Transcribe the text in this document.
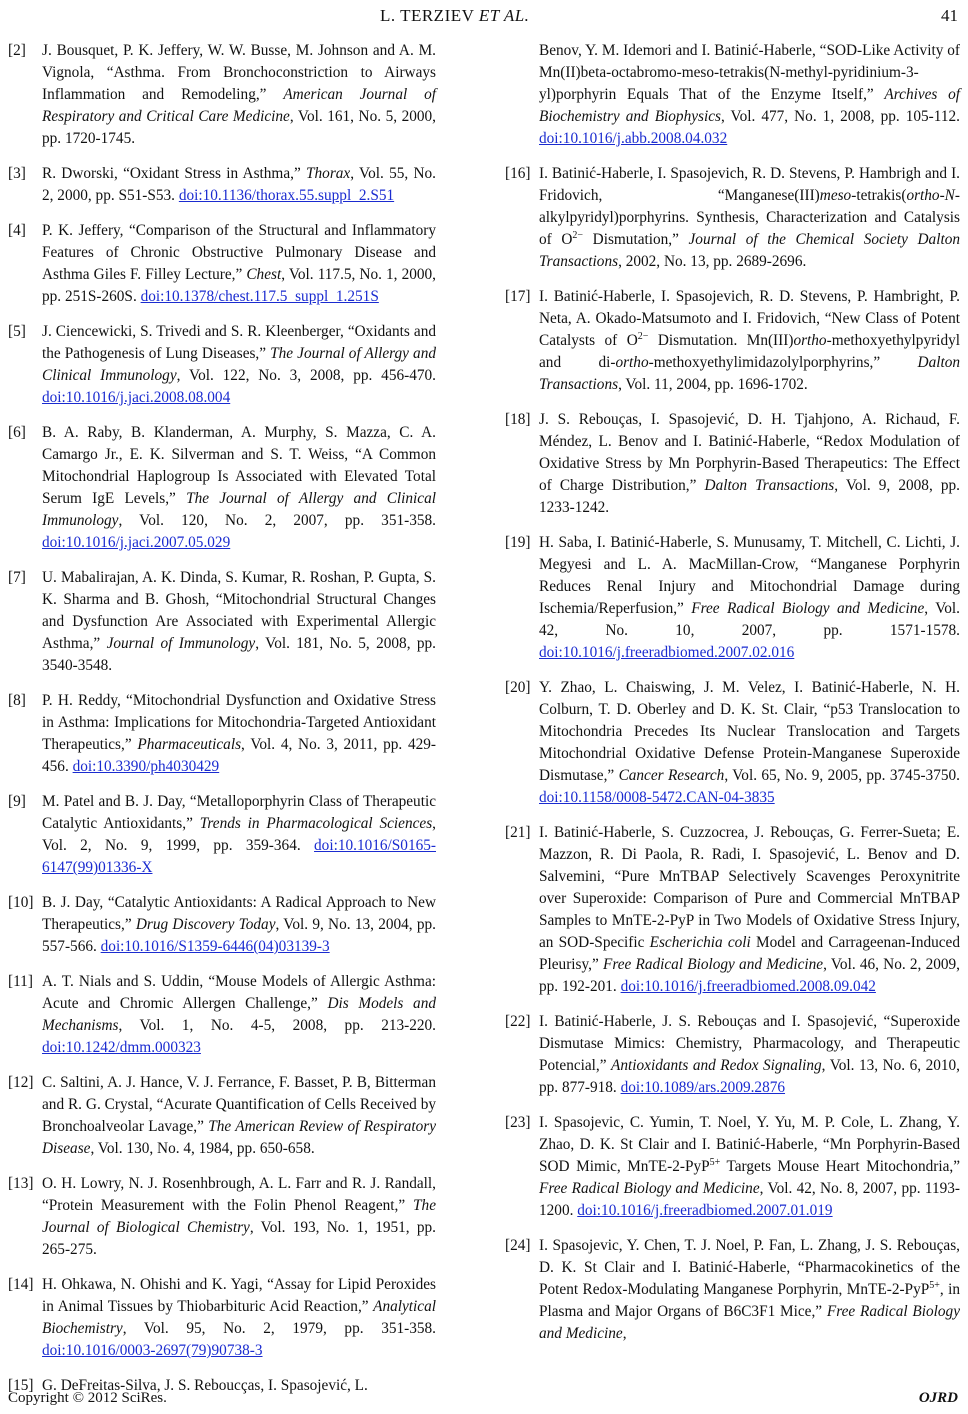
L. TERZIEV ET AL.	41
[2] J. Bousquet, P. K. Jeffery, W. W. Busse, M. Johnson and A. M. Vignola, “Asthma. From Bronchoconstriction to Airways Inflammation and Remodeling,” American Journal of Respiratory and Critical Care Medicine, Vol. 161, No. 5, 2000, pp. 1720-1745.
[3] R. Dworski, “Oxidant Stress in Asthma,” Thorax, Vol. 55, No. 2, 2000, pp. S51-S53. doi:10.1136/thorax.55.suppl_2.S51
[4] P. K. Jeffery, “Comparison of the Structural and Inflammatory Features of Chronic Obstructive Pulmonary Disease and Asthma Giles F. Filley Lecture,” Chest, Vol. 117.5, No. 1, 2000, pp. 251S-260S. doi:10.1378/chest.117.5_suppl_1.251S
[5] J. Ciencewicki, S. Trivedi and S. R. Kleenberger, “Oxidants and the Pathogenesis of Lung Diseases,” The Journal of Allergy and Clinical Immunology, Vol. 122, No. 3, 2008, pp. 456-470. doi:10.1016/j.jaci.2008.08.004
[6] B. A. Raby, B. Klanderman, A. Murphy, S. Mazza, C. A. Camargo Jr., E. K. Silverman and S. T. Weiss, “A Common Mitochondrial Haplogroup Is Associated with Elevated Total Serum IgE Levels,” The Journal of Allergy and Clinical Immunology, Vol. 120, No. 2, 2007, pp. 351-358. doi:10.1016/j.jaci.2007.05.029
[7] U. Mabalirajan, A. K. Dinda, S. Kumar, R. Roshan, P. Gupta, S. K. Sharma and B. Ghosh, “Mitochondrial Structural Changes and Dysfunction Are Associated with Experimental Allergic Asthma,” Journal of Immunology, Vol. 181, No. 5, 2008, pp. 3540-3548.
[8] P. H. Reddy, “Mitochondrial Dysfunction and Oxidative Stress in Asthma: Implications for Mitochondria-Targeted Antioxidant Therapeutics,” Pharmaceuticals, Vol. 4, No. 3, 2011, pp. 429-456. doi:10.3390/ph4030429
[9] M. Patel and B. J. Day, “Metalloporphyrin Class of Therapeutic Catalytic Antioxidants,” Trends in Pharmacological Sciences, Vol. 2, No. 9, 1999, pp. 359-364. doi:10.1016/S0165-6147(99)01336-X
[10] B. J. Day, “Catalytic Antioxidants: A Radical Approach to New Therapeutics,” Drug Discovery Today, Vol. 9, No. 13, 2004, pp. 557-566. doi:10.1016/S1359-6446(04)03139-3
[11] A. T. Nials and S. Uddin, “Mouse Models of Allergic Asthma: Acute and Chromic Allergen Challenge,” Dis Models and Mechanisms, Vol. 1, No. 4-5, 2008, pp. 213-220. doi:10.1242/dmm.000323
[12] C. Saltini, A. J. Hance, V. J. Ferrance, F. Basset, P. B, Bitterman and R. G. Crystal, “Acurate Quantification of Cells Received by Bronchoalveolar Lavage,” The American Review of Respiratory Disease, Vol. 130, No. 4, 1984, pp. 650-658.
[13] O. H. Lowry, N. J. Rosenhbrough, A. L. Farr and R. J. Randall, “Protein Measurement with the Folin Phenol Reagent,” The Journal of Biological Chemistry, Vol. 193, No. 1, 1951, pp. 265-275.
[14] H. Ohkawa, N. Ohishi and K. Yagi, “Assay for Lipid Peroxides in Animal Tissues by Thiobarbituric Acid Reaction,” Analytical Biochemistry, Vol. 95, No. 2, 1979, pp. 351-358. doi:10.1016/0003-2697(79)90738-3
[15] G. DeFreitas-Silva, J. S. Reboucças, I. Spasojević, L.
Benov, Y. M. Idemori and I. Batinić-Haberle, “SOD-Like Activity of Mn(II)beta-octabromo-meso-tetrakis(N-methyl-pyridinium-3-yl)porphyrin Equals That of the Enzyme Itself,” Archives of Biochemistry and Biophysics, Vol. 477, No. 1, 2008, pp. 105-112. doi:10.1016/j.abb.2008.04.032
[16] I. Batinić-Haberle, I. Spasojevich, R. D. Stevens, P. Hambrigh and I. Fridovich, “Manganese(III)meso-tetrakis(ortho-N-alkylpyridyl)porphyrins. Synthesis, Characterization and Catalysis of $O^{2-}$ Dismutation,” Journal of the Chemical Society Dalton Transactions, 2002, No. 13, pp. 2689-2696.
[17] I. Batinić-Haberle, I. Spasojevich, R. D. Stevens, P. Hambright, P. Neta, A. Okado-Matsumoto and I. Fridovich, “New Class of Potent Catalysts of $O^{2-}$ Dismutation. Mn(III)ortho-methoxyethylpyridyl and di-ortho-methoxyethylimidazolylporphyrins,” Dalton Transactions, Vol. 11, 2004, pp. 1696-1702.
[18] J. S. Rebouças, I. Spasojević, D. H. Tjahjono, A. Richaud, F. Méndez, L. Benov and I. Batinić-Haberle, “Redox Modulation of Oxidative Stress by Mn Porphyrin-Based Therapeutics: The Effect of Charge Distribution,” Dalton Transactions, Vol. 9, 2008, pp. 1233-1242.
[19] H. Saba, I. Batinić-Haberle, S. Munusamy, T. Mitchell, C. Lichti, J. Megyesi and L. A. MacMillan-Crow, “Manganese Porphyrin Reduces Renal Injury and Mitochondrial Damage during Ischemia/Reperfusion,” Free Radical Biology and Medicine, Vol. 42, No. 10, 2007, pp. 1571-1578. doi:10.1016/j.freeradbiomed.2007.02.016
[20] Y. Zhao, L. Chaiswing, J. M. Velez, I. Batinić-Haberle, N. H. Colburn, T. D. Oberley and D. K. St. Clair, “p53 Translocation to Mitochondria Precedes Its Nuclear Translocation and Targets Mitochondrial Oxidative Defense Protein-Manganese Superoxide Dismutase,” Cancer Research, Vol. 65, No. 9, 2005, pp. 3745-3750. doi:10.1158/0008-5472.CAN-04-3835
[21] I. Batinić-Haberle, S. Cuzzocrea, J. Rebouças, G. Ferrer-Sueta; E. Mazzon, R. Di Paola, R. Radi, I. Spasojević, L. Benov and D. Salvemini, “Pure MnTBAP Selectively Scavenges Peroxynitrite over Superoxide: Comparison of Pure and Commercial MnTBAP Samples to MnTE-2-PyP in Two Models of Oxidative Stress Injury, an SOD-Specific Escherichia coli Model and Carrageenan-Induced Pleurisy,” Free Radical Biology and Medicine, Vol. 46, No. 2, 2009, pp. 192-201. doi:10.1016/j.freeradbiomed.2008.09.042
[22] I. Batinić-Haberle, J. S. Rebouças and I. Spasojević, “Superoxide Dismutase Mimics: Chemistry, Pharmacology, and Therapeutic Potencial,” Antioxidants and Redox Signaling, Vol. 13, No. 6, 2010, pp. 877-918. doi:10.1089/ars.2009.2876
[23] I. Spasojevic, C. Yumin, T. Noel, Y. Yu, M. P. Cole, L. Zhang, Y. Zhao, D. K. St Clair and I. Batinić-Haberle, “Mn Porphyrin-Based SOD Mimic, MnTE-2-PyP$^{5+}$ Targets Mouse Heart Mitochondria,” Free Radical Biology and Medicine, Vol. 42, No. 8, 2007, pp. 1193-1200. doi:10.1016/j.freeradbiomed.2007.01.019
[24] I. Spasojevic, Y. Chen, T. J. Noel, P. Fan, L. Zhang, J. S. Rebouças, D. K. St Clair and I. Batinić-Haberle, “Pharmacokinetics of the Potent Redox-Modulating Manganese Porphyrin, MnTE-2-PyP$^{5+}$, in Plasma and Major Organs of B6C3F1 Mice,” Free Radical Biology and Medicine,
Copyright © 2012 SciRes.	OJRD
